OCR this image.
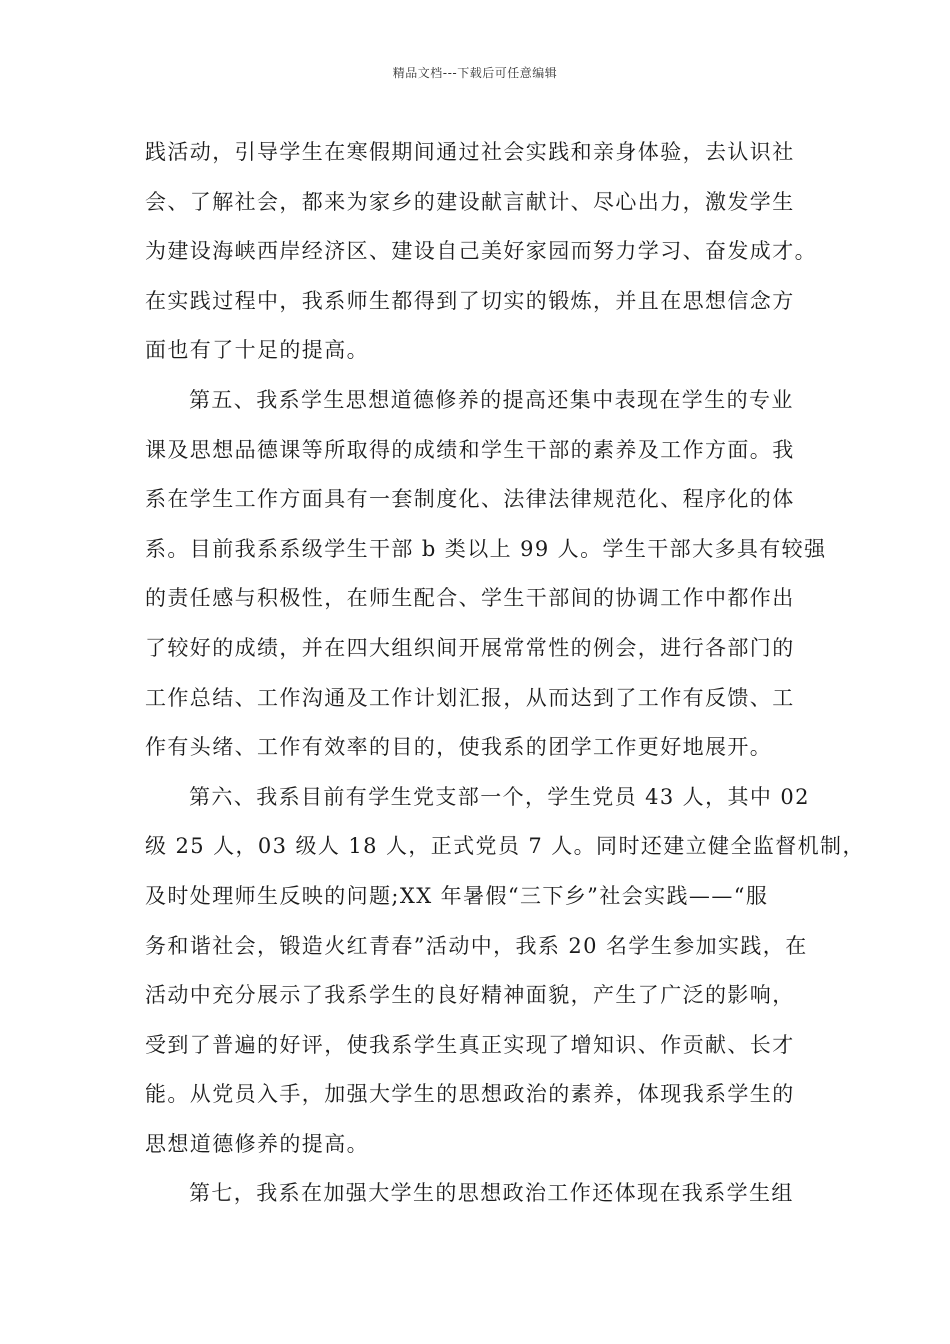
精品文档---下载后可任意编辑
践活动，引导学生在寒假期间通过社会实践和亲身体验，去认识社
会、了解社会，都来为家乡的建设献言献计、尽心出力，激发学生
为建设海峡西岸经济区、建设自己美好家园而努力学习、奋发成才。
在实践过程中，我系师生都得到了切实的锻炼，并且在思想信念方
面也有了十足的提高。
第五、我系学生思想道德修养的提高还集中表现在学生的专业
课及思想品德课等所取得的成绩和学生干部的素养及工作方面。我
系在学生工作方面具有一套制度化、法律法律规范化、程序化的体
系。目前我系系级学生干部 b 类以上 99 人。学生干部大多具有较强
的责任感与积极性，在师生配合、学生干部间的协调工作中都作出
了较好的成绩，并在四大组织间开展常常性的例会，进行各部门的
工作总结、工作沟通及工作计划汇报，从而达到了工作有反馈、工
作有头绪、工作有效率的目的，使我系的团学工作更好地展开。
第六、我系目前有学生党支部一个，学生党员 43 人，其中 02
级 25 人，03 级人 18 人，正式党员 7 人。同时还建立健全监督机制，
及时处理师生反映的问题;XX 年暑假“三下乡”社会实践——“服
务和谐社会，锻造火红青春”活动中，我系 20 名学生参加实践，在
活动中充分展示了我系学生的良好精神面貌，产生了广泛的影响，
受到了普遍的好评，使我系学生真正实现了增知识、作贡献、长才
能。从党员入手，加强大学生的思想政治的素养，体现我系学生的
思想道德修养的提高。
第七，我系在加强大学生的思想政治工作还体现在我系学生组
